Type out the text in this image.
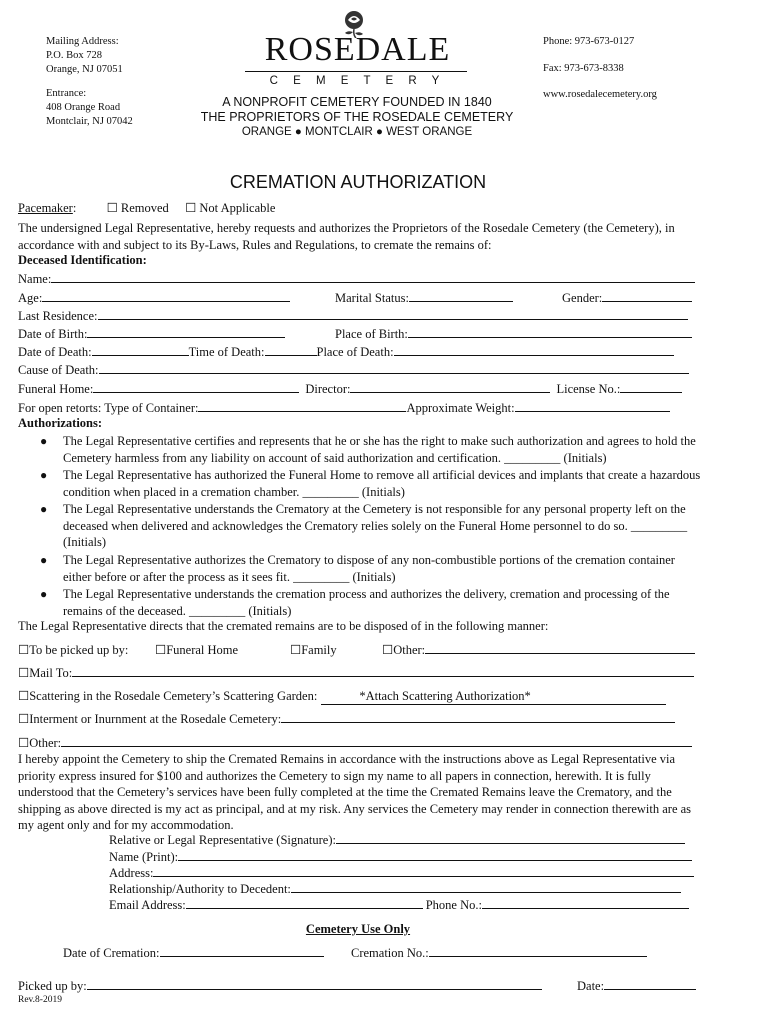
Mailing Address:
P.O. Box 728
Orange, NJ 07051
Entrance:
408 Orange Road
Montclair, NJ 07042
ROSEDALE
C E M E T E R Y
A NONPROFIT CEMETERY FOUNDED IN 1840
THE PROPRIETORS OF THE ROSEDALE CEMETERY
ORANGE ● MONTCLAIR ● WEST ORANGE
Phone: 973-673-0127
Fax: 973-673-8338
www.rosedalecemetery.org
CREMATION AUTHORIZATION
Pacemaker: ☐ Removed ☐ Not Applicable
The undersigned Legal Representative, hereby requests and authorizes the Proprietors of the Rosedale Cemetery (the Cemetery), in accordance with and subject to its By-Laws, Rules and Regulations, to cremate the remains of:
Deceased Identification:
Name:
Age:	Marital Status:	Gender:
Last Residence:
Date of Birth:	Place of Birth:
Date of Death:	Time of Death:	Place of Death:
Cause of Death:
Funeral Home:	Director:	License No.:
For open retorts: Type of Container:	Approximate Weight:
Authorizations:
●	The Legal Representative certifies and represents that he or she has the right to make such authorization and agrees to hold the Cemetery harmless from any liability on account of said authorization and certification. _________ (Initials)
●	The Legal Representative has authorized the Funeral Home to remove all artificial devices and implants that create a hazardous condition when placed in a cremation chamber. _________ (Initials)
●	The Legal Representative understands the Crematory at the Cemetery is not responsible for any personal property left on the deceased when delivered and acknowledges the Crematory relies solely on the Funeral Home personnel to do so. _________ (Initials)
●	The Legal Representative authorizes the Crematory to dispose of any non-combustible portions of the cremation container either before or after the process as it sees fit. _________ (Initials)
●	The Legal Representative understands the cremation process and authorizes the delivery, cremation and processing of the remains of the deceased. _________ (Initials)
The Legal Representative directs that the cremated remains are to be disposed of in the following manner:
☐To be picked up by: ☐Funeral Home	☐Family	☐Other:
☐Mail To:
☐Scattering in the Rosedale Cemetery’s Scattering Garden:	*Attach Scattering Authorization*
☐Interment or Inurnment at the Rosedale Cemetery:
☐Other:
I hereby appoint the Cemetery to ship the Cremated Remains in accordance with the instructions above as Legal Representative via priority express insured for $100 and authorizes the Cemetery to sign my name to all papers in connection, herewith. It is fully understood that the Cemetery’s services have been fully completed at the time the Cremated Remains leave the Crematory, and the shipping as above directed is my act as principal, and at my risk. Any services the Cemetery may render in connection therewith are as my agent only and for my accommodation.
Relative or Legal Representative (Signature):
Name (Print):
Address:
Relationship/Authority to Decedent:
Email Address:	Phone No.:
Cemetery Use Only
Date of Cremation:	Cremation No.:
Picked up by:	Date:
Rev.8-2019
